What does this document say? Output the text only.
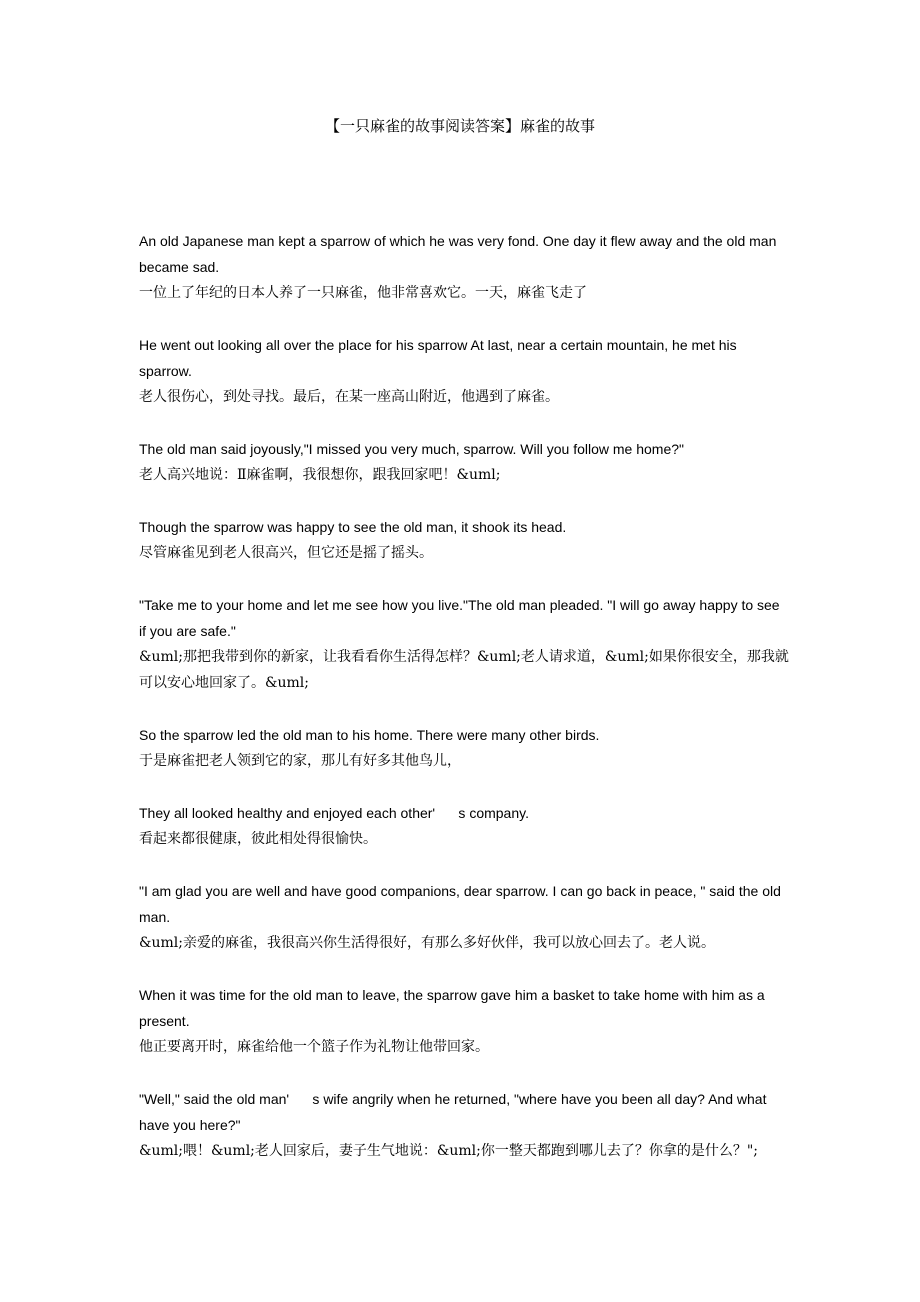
【一只麻雀的故事阅读答案】麻雀的故事

An old Japanese man kept a sparrow of which he was very fond. One day it flew away and the old man became sad.

一位上了年纪的日本人养了一只麻雀，他非常喜欢它。一天，麻雀飞走了

He went out looking all over the place for his sparrow At last, near a certain mountain, he met his sparrow.

老人很伤心，到处寻找。最后，在某一座高山附近，他遇到了麻雀。

The old man said joyously,"I missed you very much, sparrow. Will you follow me home?"

老人高兴地说：Ⅱ麻雀啊，我很想你，跟我回家吧！&uml;

Though the sparrow was happy to see the old man, it shook its head.

尽管麻雀见到老人很高兴，但它还是摇了摇头。

"Take me to your home and let me see how you live."The old man pleaded. "I will go away happy to see if you are safe."

&uml;那把我带到你的新家，让我看看你生活得怎样？&uml;老人请求道，&uml;如果你很安全，那我就可以安心地回家了。&uml;

So the sparrow led the old man to his home. There were many other birds.

于是麻雀把老人领到它的家，那儿有好多其他鸟儿，

They all looked healthy and enjoyed each other'      s company.

看起来都很健康，彼此相处得很愉快。

"I am glad you are well and have good companions, dear sparrow. I can go back in peace, " said the old man.

&uml;亲爱的麻雀，我很高兴你生活得很好，有那么多好伙伴，我可以放心回去了。老人说。

When it was time for the old man to leave, the sparrow gave him a basket to take home with him as a present.

他正要离开时，麻雀给他一个篮子作为礼物让他带回家。

"Well," said the old man'      s wife angrily when he returned, "where have you been all day? And what have you here?"

&uml;喂！&uml;老人回家后，妻子生气地说：&uml;你一整天都跑到哪儿去了？你拿的是什么？";
